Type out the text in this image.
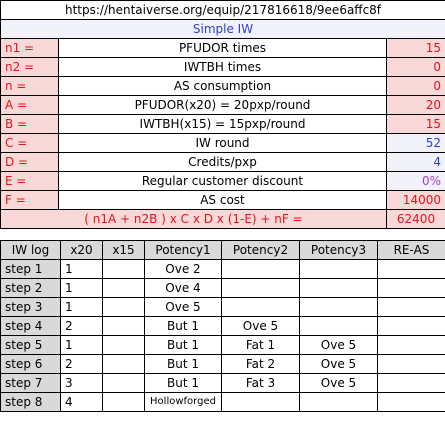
https://hentaiverse.org/equip/217816618/9ee6affc8f		
Simple IW		
n1 =	PFUDOR times	15
n2 =	IWTBH times	0
n =	AS consumption	0
A =	PFUDOR(x20) = 20pxp/round	20
B =	IWTBH(x15) = 15pxp/round	15
C =	IW round	52
D =	Credits/pxp	4
E =	Regular customer discount	0%
F =	AS cost	14000
( n1A + n2B ) x C x D x (1-E) + nF =		62400
IW log	x20	x15	Potency1	Potency2	Potency3	RE-AS
step 1	1		Ove 2			
step 2	1		Ove 4			
step 3	1		Ove 5			
step 4	2		But 1	Ove 5		
step 5	1		But 1	Fat 1	Ove 5	
step 6	2		But 1	Fat 2	Ove 5	
step 7	3		But 1	Fat 3	Ove 5	
step 8	4		Hollowforged			
